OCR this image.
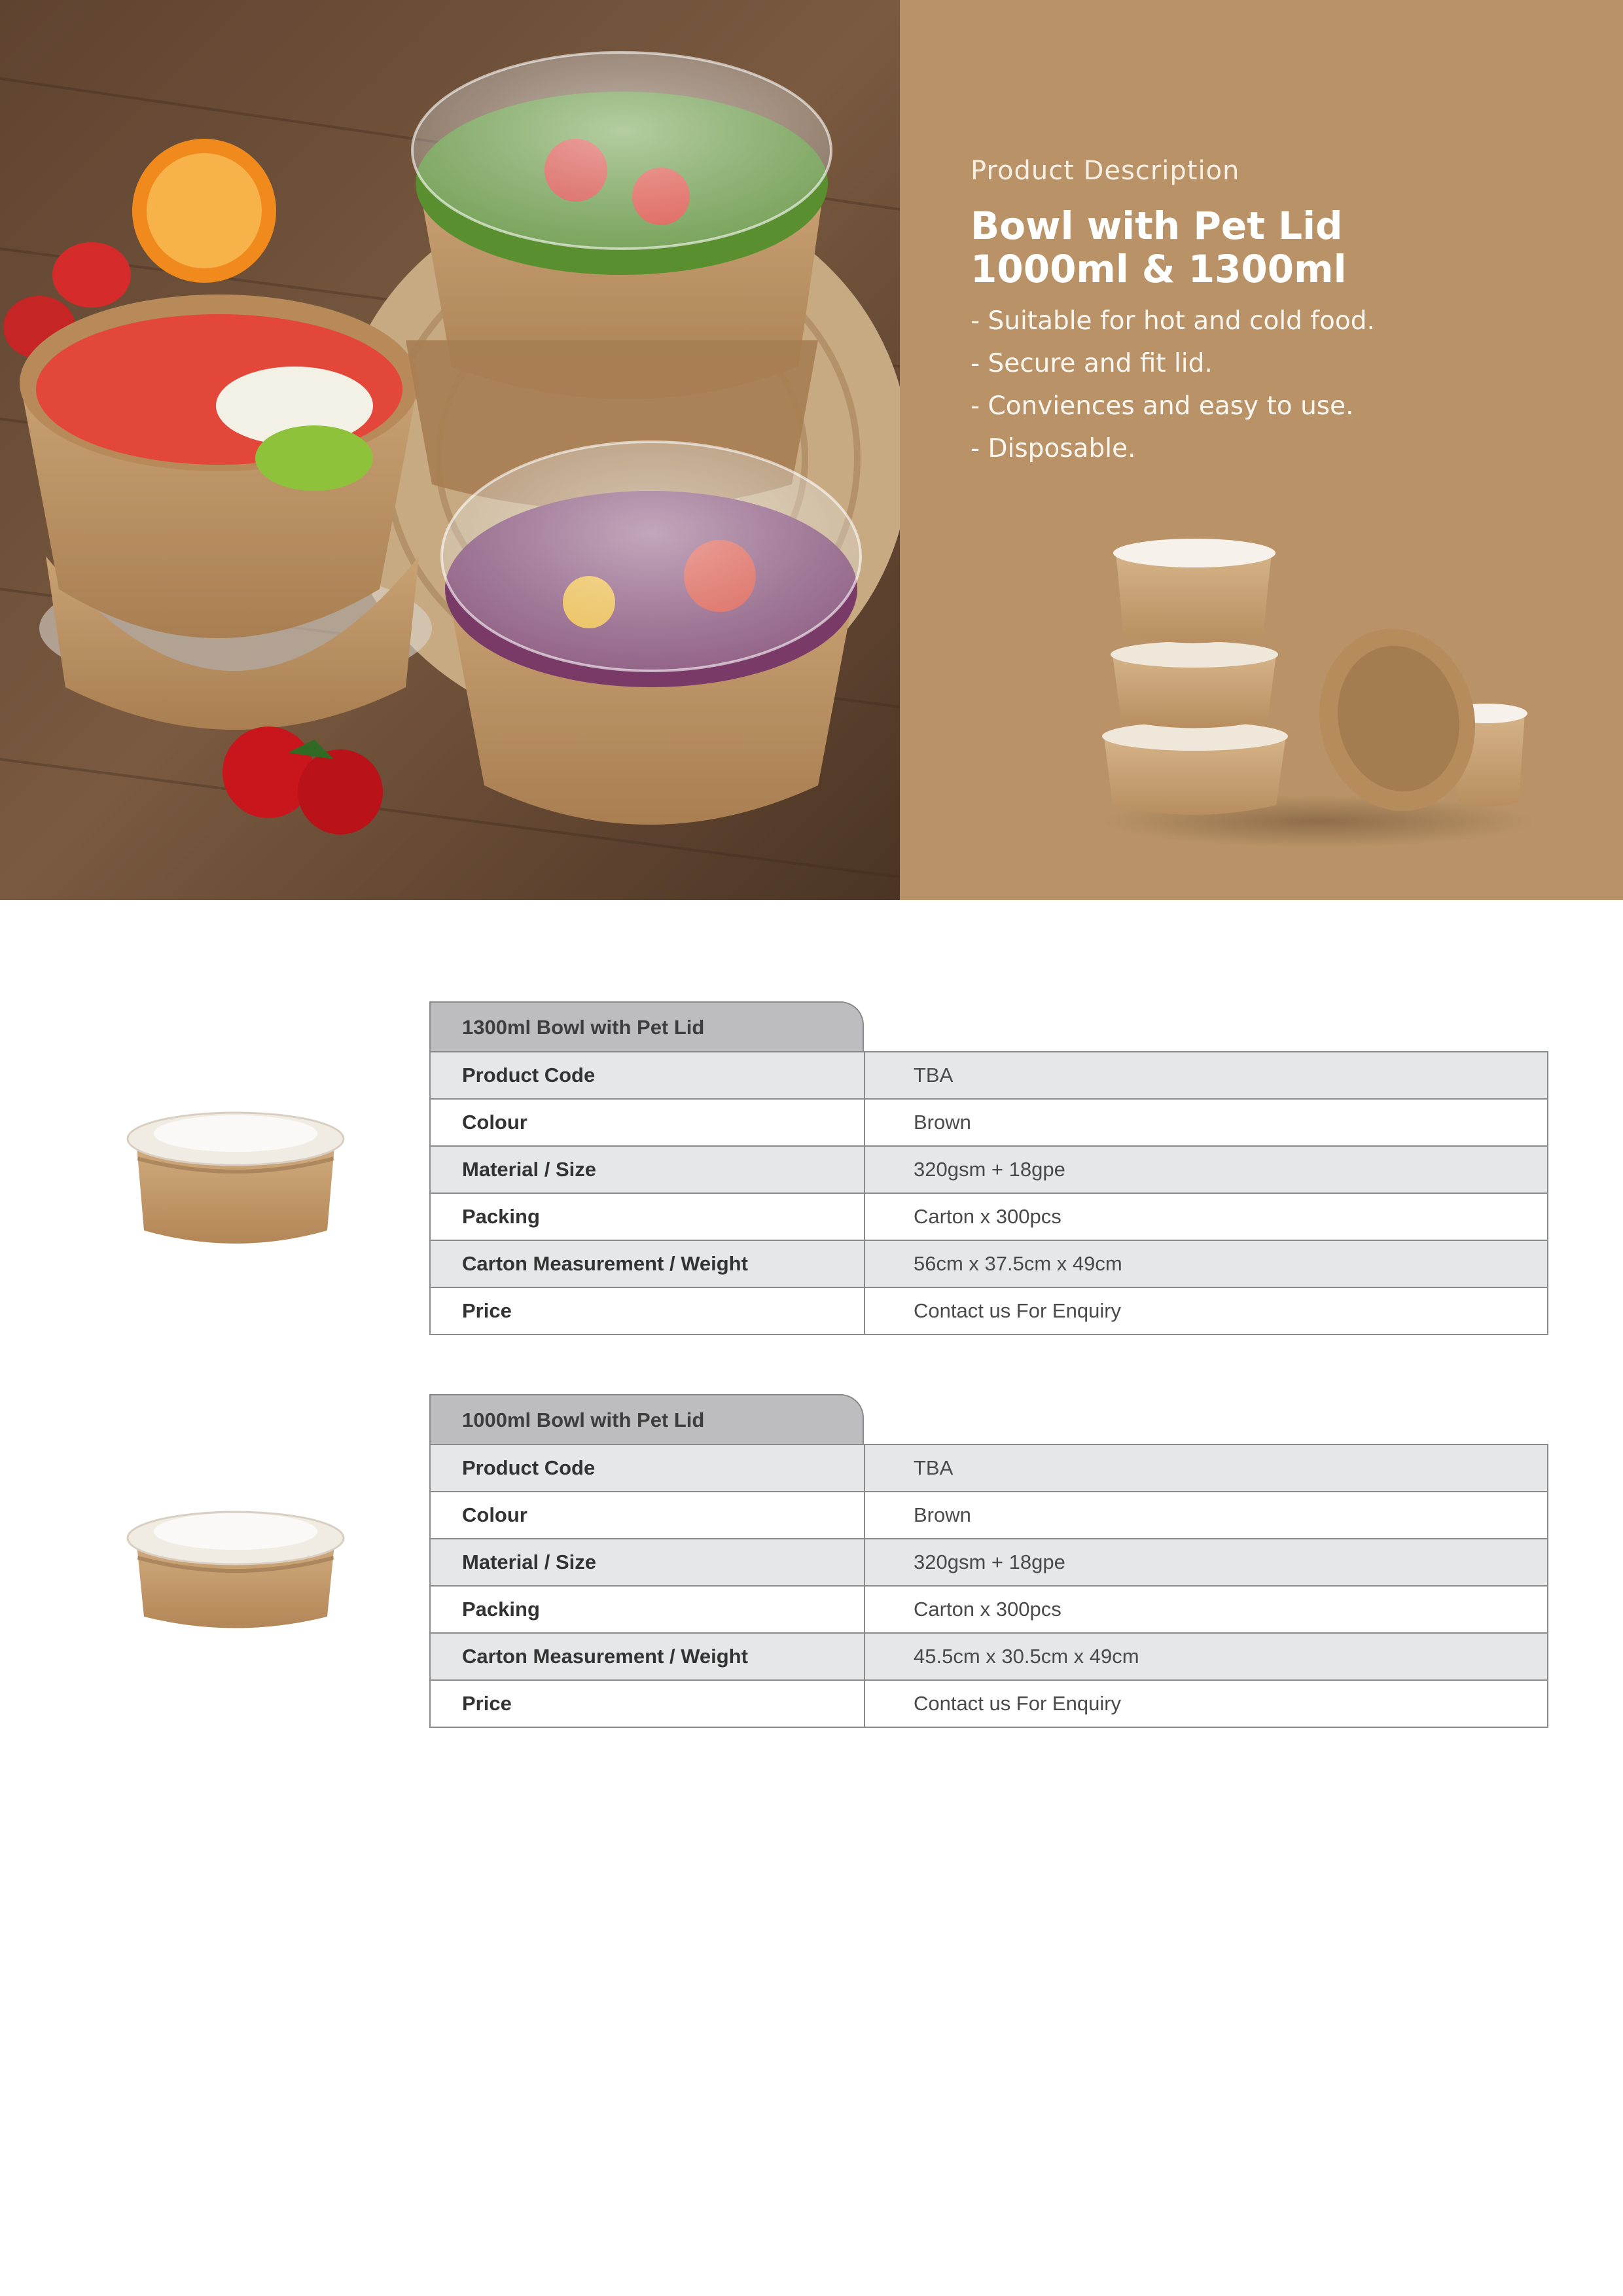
Product Description
Bowl with Pet Lid
1000ml & 1300ml
- Suitable for hot and cold food.
- Secure and fit lid.
- Conviences and easy to use.
- Disposable.
1300ml Bowl with Pet Lid
Product Code	TBA
Colour	Brown
Material / Size	320gsm + 18gpe
Packing	Carton x 300pcs
Carton Measurement / Weight	56cm x 37.5cm x 49cm
Price	Contact us For Enquiry
1000ml Bowl with Pet Lid
Product Code	TBA
Colour	Brown
Material / Size	320gsm + 18gpe
Packing	Carton x 300pcs
Carton Measurement / Weight	45.5cm x 30.5cm x 49cm
Price	Contact us For Enquiry
